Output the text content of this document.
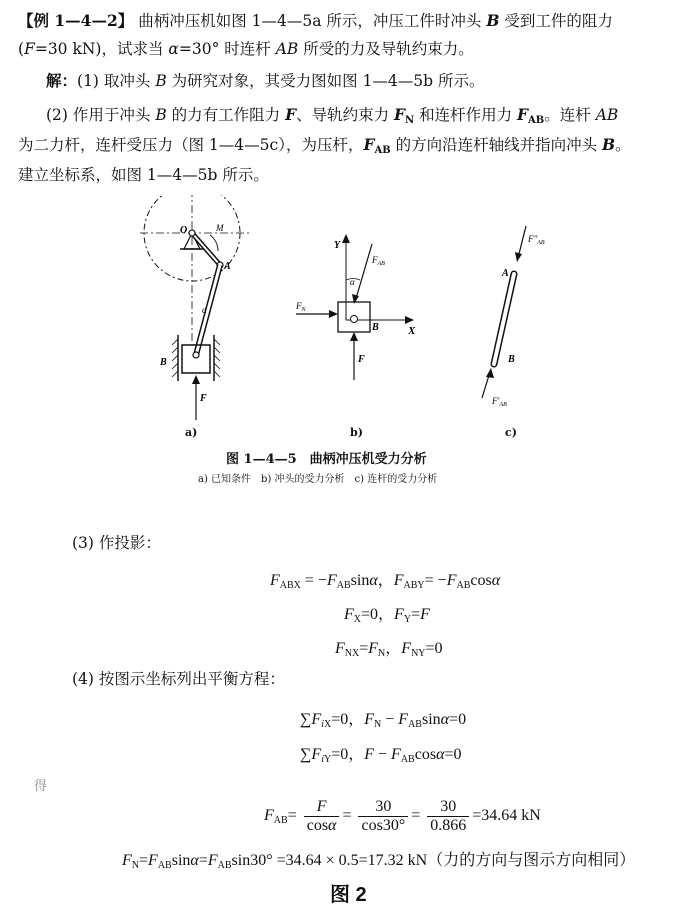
【例 1—4—2】 曲柄冲压机如图 1—4—5a 所示，冲压工件时冲头 B 受到工件的阻力
(F=30 kN)，试求当 α=30° 时连杆 AB 所受的力及导轨约束力。
解：(1) 取冲头 B 为研究对象，其受力图如图 1—4—5b 所示。
(2) 作用于冲头 B 的力有工作阻力 F、导轨约束力 $F_N$ 和连杆作用力 $F_{AB}$。连杆 AB
为二力杆，连杆受压力（图 1—4—5c），为压杆，$F_{AB}$ 的方向沿连杆轴线并指向冲头 B。
建立坐标系，如图 1—4—5b 所示。
O	M
A
α
B
F
Y
$F_{AB}$
α
$F_N$
B	X
F
$F''_{AB}$
A
B
$F'_{AB}$
a)	b)	c)
图 1—4—5　曲柄冲压机受力分析
a) 已知条件　b) 冲头的受力分析　c) 连杆的受力分析
(3) 作投影：
$F_{ABX} = -F_{AB}\sin\alpha$，$F_{ABY}= -F_{AB}\cos\alpha$
$F_X=0$，$F_Y=F$
$F_{NX}=F_N$，$F_{NY}=0$
(4) 按图示坐标列出平衡方程：
$\sum F_{iX}=0$，$F_N - F_{AB}\sin\alpha=0$
$\sum F_{iY}=0$，$F - F_{AB}\cos\alpha=0$
得
$F_{AB}= \frac{F}{\cos\alpha} = \frac{30}{\cos 30^\circ} = \frac{30}{0.866} =34.64$ kN
$F_N=F_{AB}\sin\alpha=F_{AB}\sin 30^\circ =34.64 \times 0.5=17.32$ kN（力的方向与图示方向相同）
图 2
